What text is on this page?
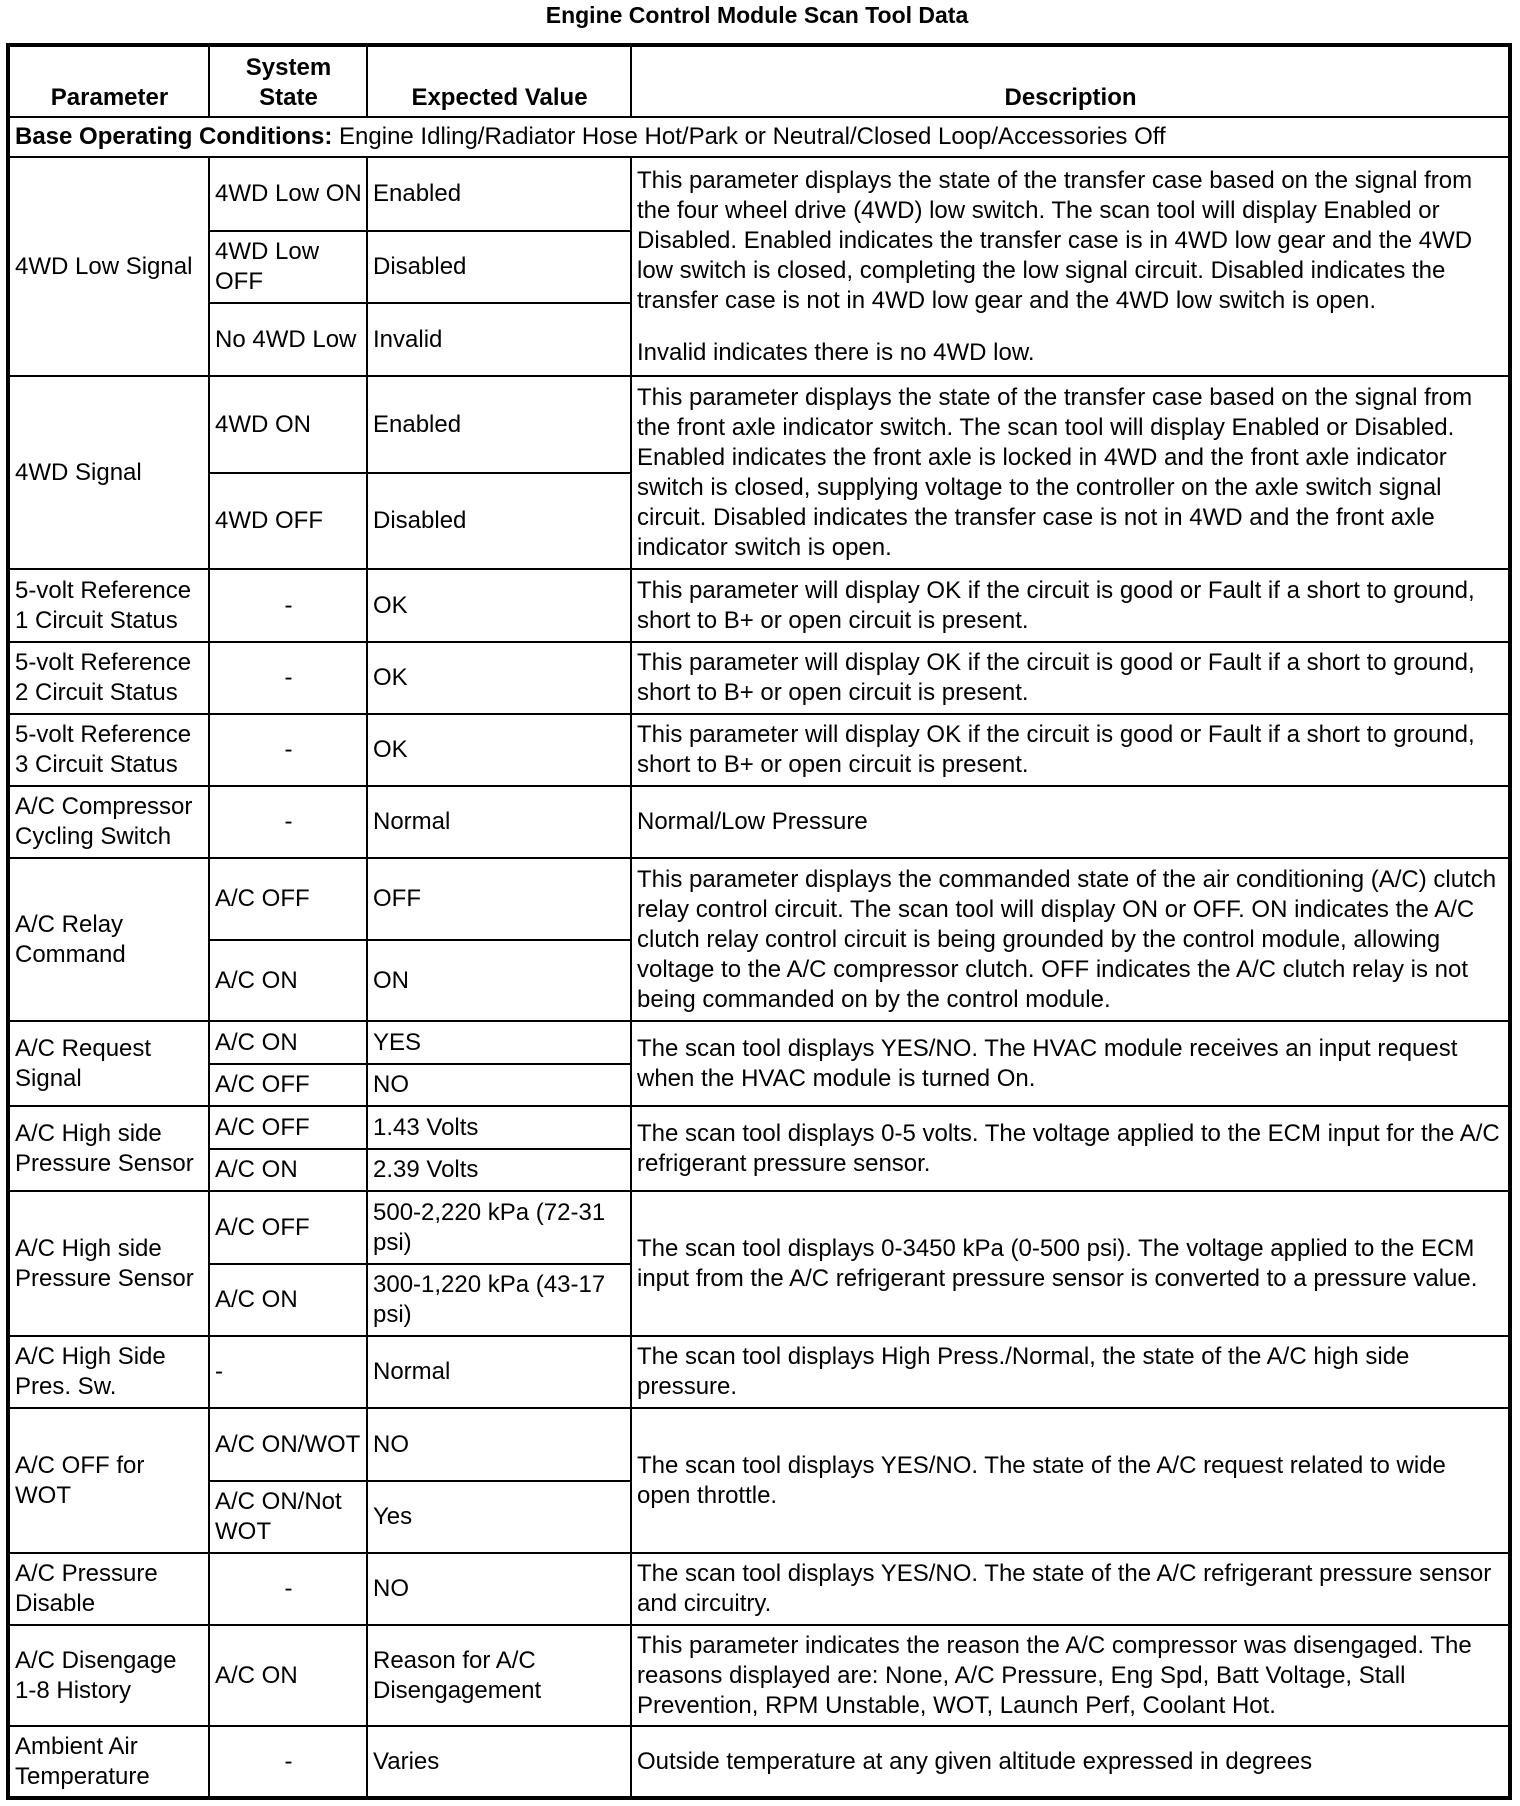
Engine Control Module Scan Tool Data
Parameter	System State	Expected Value	Description
Base Operating Conditions: Engine Idling/Radiator Hose Hot/Park or Neutral/Closed Loop/Accessories Off			
4WD Low Signal	4WD Low ON	Enabled	This parameter displays the state of the transfer case based on the signal from the four wheel drive (4WD) low switch. The scan tool will display Enabled or Disabled. Enabled indicates the transfer case is in 4WD low gear and the 4WD low switch is closed, completing the low signal circuit. Disabled indicates the transfer case is not in 4WD low gear and the 4WD low switch is open.
Invalid indicates there is no 4WD low.
	4WD Low OFF	Disabled	
	No 4WD Low	Invalid	
4WD Signal	4WD ON	Enabled	This parameter displays the state of the transfer case based on the signal from the front axle indicator switch. The scan tool will display Enabled or Disabled. Enabled indicates the front axle is locked in 4WD and the front axle indicator switch is closed, supplying voltage to the controller on the axle switch signal circuit. Disabled indicates the transfer case is not in 4WD and the front axle indicator switch is open.
	4WD OFF	Disabled	
5-volt Reference 1 Circuit Status	-	OK	This parameter will display OK if the circuit is good or Fault if a short to ground, short to B+ or open circuit is present.
5-volt Reference 2 Circuit Status	-	OK	This parameter will display OK if the circuit is good or Fault if a short to ground, short to B+ or open circuit is present.
5-volt Reference 3 Circuit Status	-	OK	This parameter will display OK if the circuit is good or Fault if a short to ground, short to B+ or open circuit is present.
A/C Compressor Cycling Switch	-	Normal	Normal/Low Pressure
A/C Relay Command	A/C OFF	OFF	This parameter displays the commanded state of the air conditioning (A/C) clutch relay control circuit. The scan tool will display ON or OFF. ON indicates the A/C clutch relay control circuit is being grounded by the control module, allowing voltage to the A/C compressor clutch. OFF indicates the A/C clutch relay is not being commanded on by the control module.
	A/C ON	ON	
A/C Request Signal	A/C ON	YES	The scan tool displays YES/NO. The HVAC module receives an input request when the HVAC module is turned On.
	A/C OFF	NO	
A/C High side Pressure Sensor	A/C OFF	1.43 Volts	The scan tool displays 0-5 volts. The voltage applied to the ECM input for the A/C refrigerant pressure sensor.
	A/C ON	2.39 Volts	
A/C High side Pressure Sensor	A/C OFF	500-2,220 kPa (72-31 psi)	The scan tool displays 0-3450 kPa (0-500 psi). The voltage applied to the ECM input from the A/C refrigerant pressure sensor is converted to a pressure value.
	A/C ON	300-1,220 kPa (43-17 psi)	
A/C High Side Pres. Sw.	-	Normal	The scan tool displays High Press./Normal, the state of the A/C high side pressure.
A/C OFF for WOT	A/C ON/WOT	NO	The scan tool displays YES/NO. The state of the A/C request related to wide open throttle.
	A/C ON/Not WOT	Yes	
A/C Pressure Disable	-	NO	The scan tool displays YES/NO. The state of the A/C refrigerant pressure sensor and circuitry.
A/C Disengage 1-8 History	A/C ON	Reason for A/C Disengagement	This parameter indicates the reason the A/C compressor was disengaged. The reasons displayed are: None, A/C Pressure, Eng Spd, Batt Voltage, Stall Prevention, RPM Unstable, WOT, Launch Perf, Coolant Hot.
Ambient Air Temperature	-	Varies	Outside temperature at any given altitude expressed in degrees
